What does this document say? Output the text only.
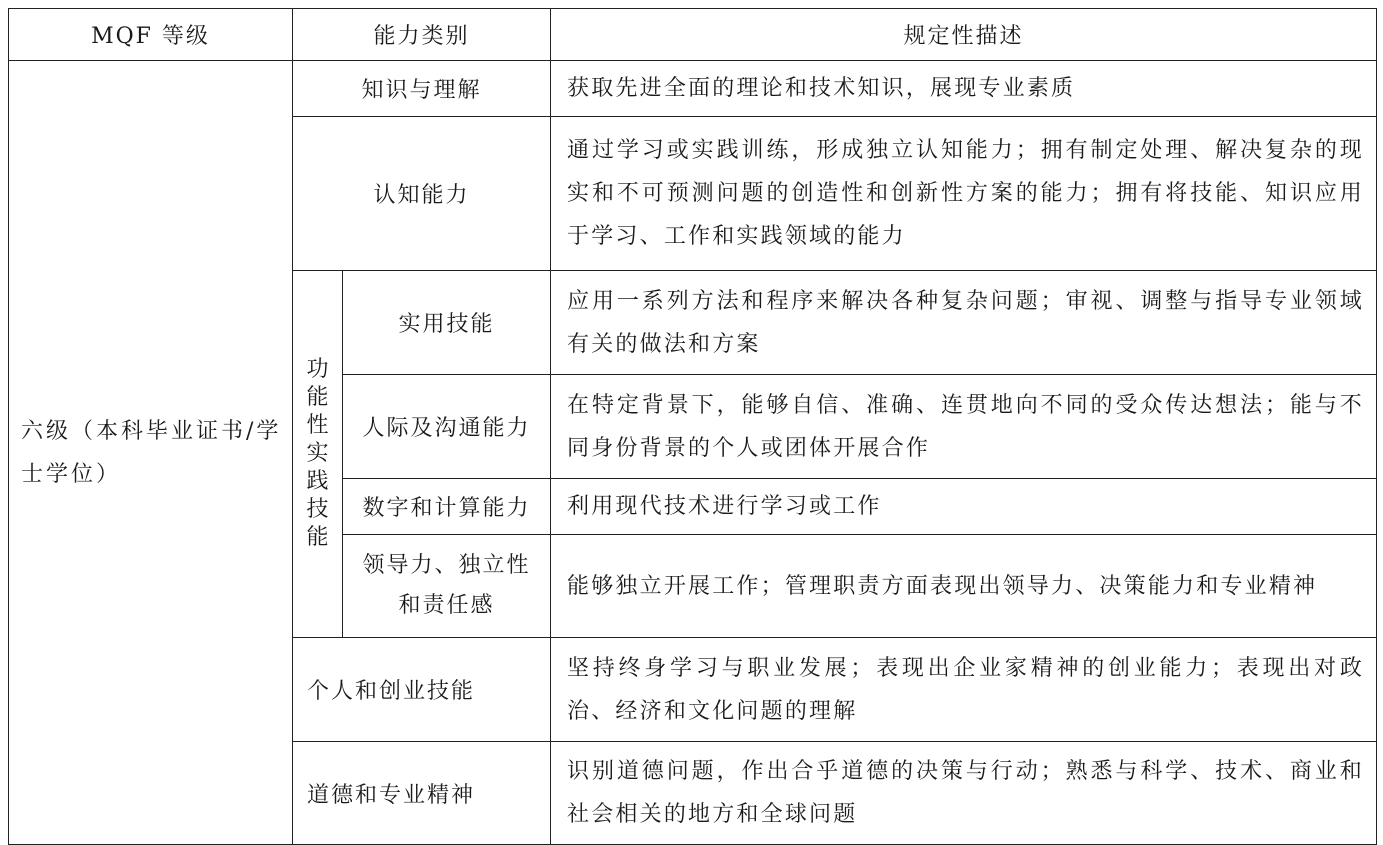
MQF 等级	能力类别		规定性描述
六级（本科毕业证书/学士学位）	知识与理解		获取先进全面的理论和技术知识，展现专业素质
	认知能力		通过学习或实践训练，形成独立认知能力；拥有制定处理、解决复杂的现实和不可预测问题的创造性和创新性方案的能力；拥有将技能、知识应用于学习、工作和实践领域的能力

	功能性实践技能	实用技能	应用一系列方法和程序来解决各种复杂问题；审视、调整与指导专业领域有关的做法和方案
		人际及沟通能力	在特定背景下，能够自信、准确、连贯地向不同的受众传达想法；能与不同身份背景的个人或团体开展合作
		数字和计算能力	利用现代技术进行学习或工作
		领导力、独立性和责任感	能够独立开展工作；管理职责方面表现出领导力、决策能力和专业精神
	个人和创业技能		坚持终身学习与职业发展；表现出企业家精神的创业能力；表现出对政治、经济和文化问题的理解
	道德和专业精神		识别道德问题，作出合乎道德的决策与行动；熟悉与科学、技术、商业和社会相关的地方和全球问题
